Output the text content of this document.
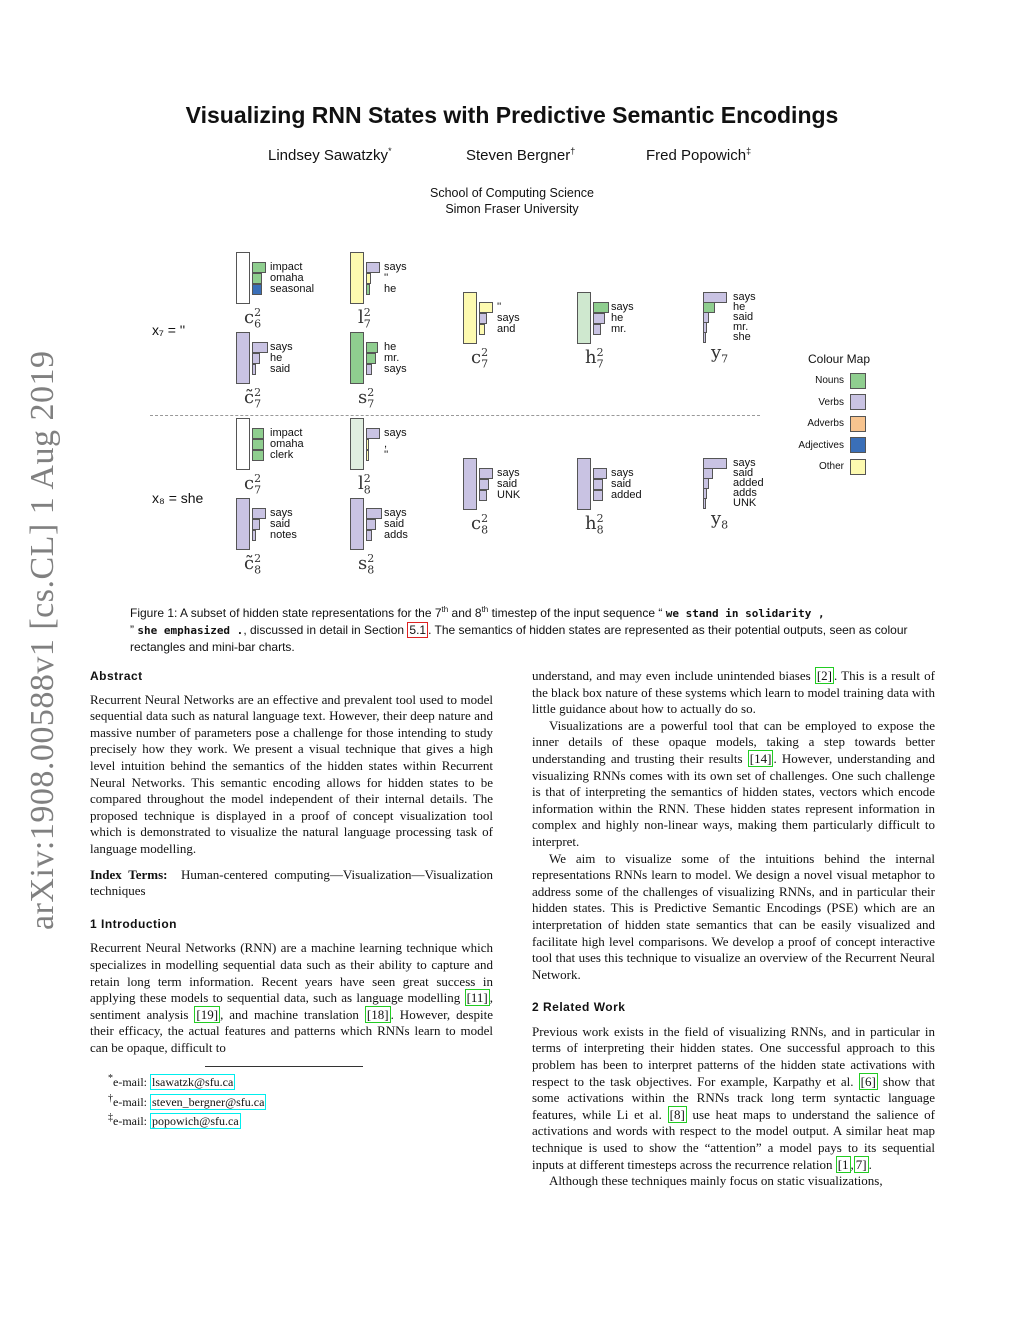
arXiv:1908.00588v1 [cs.CL] 1 Aug 2019
Visualizing RNN States with Predictive Semantic Encodings
Lindsey Sawatzky*	Steven Bergner†	Fred Popowich‡
School of Computing Science
Simon Fraser University
x₇ = ''
x₈ = she
impact
omaha
seasonal
$c_6^2$
says
''
he
$l_7^2$	''
says
and
$c_7^2$
says
he
mr.
$h_7^2$
says
he
said
mr.
she
$y_7$
says
he
said
$c̃_7^2$
he
mr.
says
$s_7^2$
impact
omaha
clerk
$c_7^2$
says
,
''
$l_8^2$	says
said
UNK
$c_8^2$
says
said
added
$h_8^2$
says
said
added
adds
UNK
$y_8$
says
said
notes
$c̃_8^2$
says
said
adds
$s_8^2$
Colour Map
Nouns
Verbs
Adverbs
Adjectives
Other
Figure 1: A subset of hidden state representations for the 7th and 8th timestep of the input sequence “ we stand in solidarity ,
” she emphasized ., discussed in detail in Section 5.1 . The semantics of hidden states are represented as their potential outputs, seen as colour rectangles and mini-bar charts.

Abstract

Recurrent Neural Networks are an effective and prevalent tool used to model sequential data such as natural language text. However, their deep nature and massive number of parameters pose a challenge for those intending to study precisely how they work. We present a visual technique that gives a high level intuition behind the semantics of the hidden states within Recurrent Neural Networks. This semantic encoding allows for hidden states to be compared throughout the model independent of their internal details. The proposed technique is displayed in a proof of concept visualization tool which is demonstrated to visualize the natural language processing task of language modelling.

Index Terms: Human-centered computing—Visualization—Visualization techniques

1 Introduction

Recurrent Neural Networks (RNN) are a machine learning technique which specializes in modelling sequential data such as their ability to capture and retain long term information. Recent years have seen great success in applying these models to sequential data, such as language modelling [11] , sentiment analysis [19] , and machine translation [18] . However, despite their efficacy, the actual features and patterns which RNNs learn to model can be opaque, difficult to

*e-mail: lsawatzk@sfu.ca
†e-mail: steven_bergner@sfu.ca
‡e-mail: popowich@sfu.ca

understand, and may even include unintended biases [2] . This is a result of the black box nature of these systems which learn to model training data with little guidance about how to actually do so.

Visualizations are a powerful tool that can be employed to expose the inner details of these opaque models, taking a step towards better understanding and trusting their results [14] . However, understanding and visualizing RNNs comes with its own set of challenges. One such challenge is that of interpreting the semantics of hidden states, vectors which encode information within the RNN. These hidden states represent information in complex and highly non-linear ways, making them particularly difficult to interpret.

We aim to visualize some of the intuitions behind the internal representations RNNs learn to model. We design a novel visual metaphor to address some of the challenges of visualizing RNNs, and in particular their hidden states. This is Predictive Semantic Encodings (PSE) which are an interpretation of hidden state semantics that can be easily visualized and facilitate high level comparisons. We develop a proof of concept interactive tool that uses this technique to visualize an overview of the Recurrent Neural Network.

2 Related Work

Previous work exists in the field of visualizing RNNs, and in particular in terms of interpreting their hidden states. One successful approach to this problem has been to interpret patterns of the hidden state activations with respect to the task objectives. For example, Karpathy et al. [6] show that some activations within the RNNs track long term syntactic language features, while Li et al. [8] use heat maps to understand the salience of activations and words with respect to the model output. A similar heat map technique is used to show the “attention” a model pays to its sequential inputs at different timesteps across the recurrence relation [1 , 7] .

Although these techniques mainly focus on static visualizations,
